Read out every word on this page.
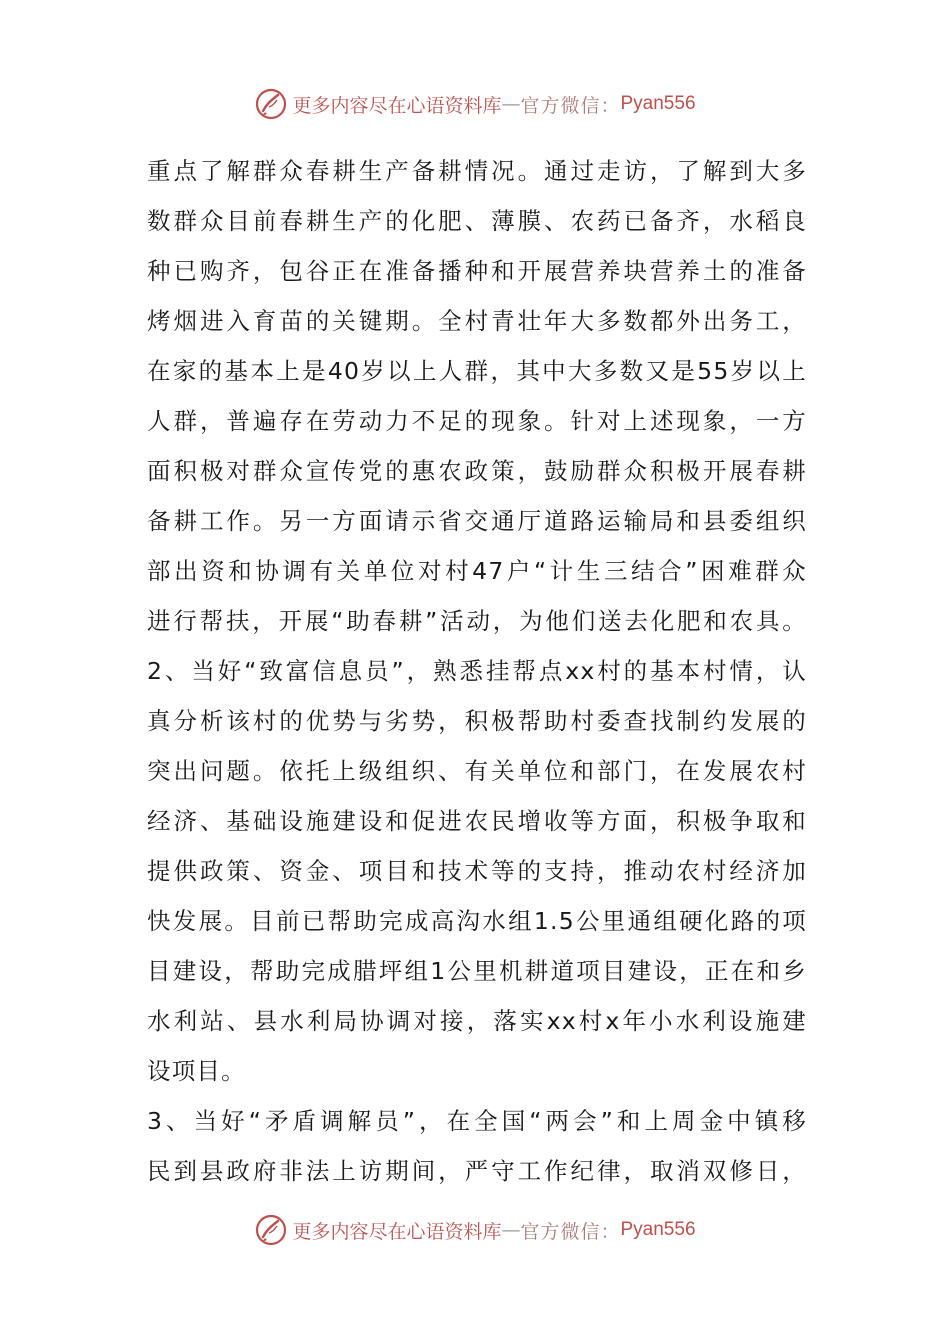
更多内容尽在心语资料库 — 官方微信： Pyan556
重点了解群众春耕生产备耕情况。通过走访，了解到大多
数群众目前春耕生产的化肥、薄膜、农药已备齐，水稻良
种已购齐，包谷正在准备播种和开展营养块营养土的准备
烤烟进入育苗的关键期。全村青壮年大多数都外出务工，
在家的基本上是40岁以上人群，其中大多数又是55岁以上
人群，普遍存在劳动力不足的现象。针对上述现象，一方
面积极对群众宣传党的惠农政策，鼓励群众积极开展春耕
备耕工作。另一方面请示省交通厅道路运输局和县委组织
部出资和协调有关单位对村47户“计生三结合”困难群众
进行帮扶，开展“助春耕”活动，为他们送去化肥和农具。
2、当好“致富信息员”，熟悉挂帮点xx村的基本村情，认
真分析该村的优势与劣势，积极帮助村委查找制约发展的
突出问题。依托上级组织、有关单位和部门，在发展农村
经济、基础设施建设和促进农民增收等方面，积极争取和
提供政策、资金、项目和技术等的支持，推动农村经济加
快发展。目前已帮助完成高沟水组1.5公里通组硬化路的项
目建设，帮助完成腊坪组1公里机耕道项目建设，正在和乡
水利站、县水利局协调对接，落实xx村x年小水利设施建
设项目。
3、当好“矛盾调解员”，在全国“两会”和上周金中镇移
民到县政府非法上访期间，严守工作纪律，取消双修日，
更多内容尽在心语资料库 — 官方微信： Pyan556
